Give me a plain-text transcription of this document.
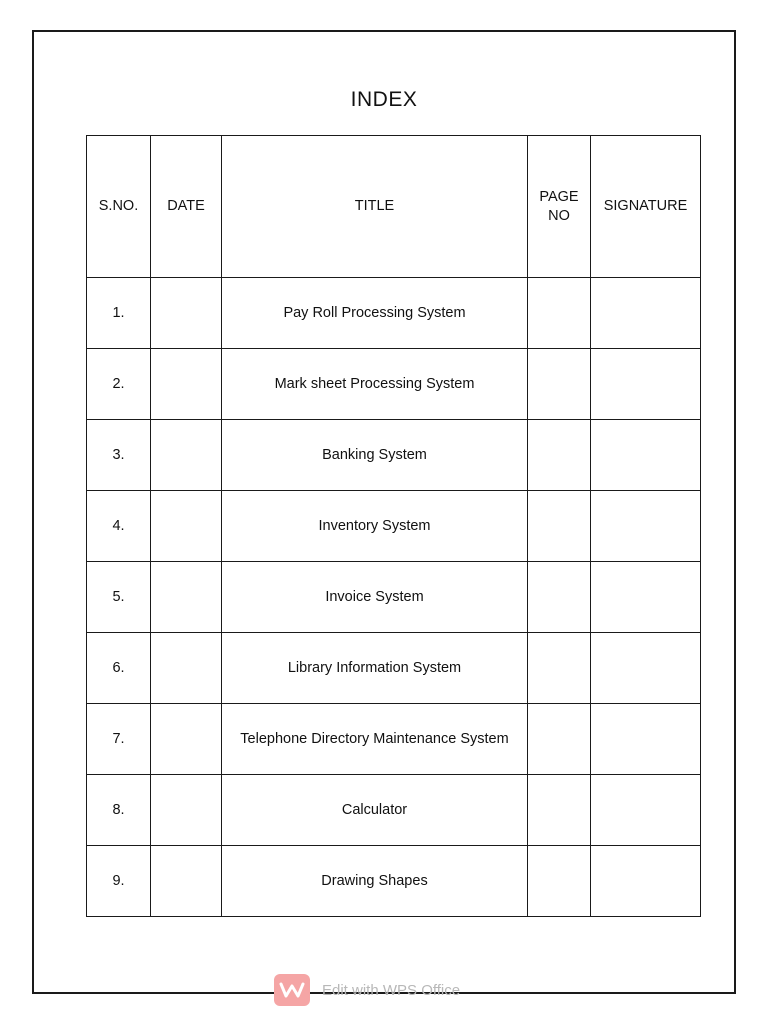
INDEX
S.NO.	DATE	TITLE	PAGE NO	SIGNATURE
1.		Pay Roll Processing System		
2.		Mark sheet Processing System		
3.		Banking System		
4.		Inventory System		
5.		Invoice System		
6.		Library Information System		
7.		Telephone Directory Maintenance System		
8.		Calculator		
9.		Drawing Shapes		
Edit with WPS Office
